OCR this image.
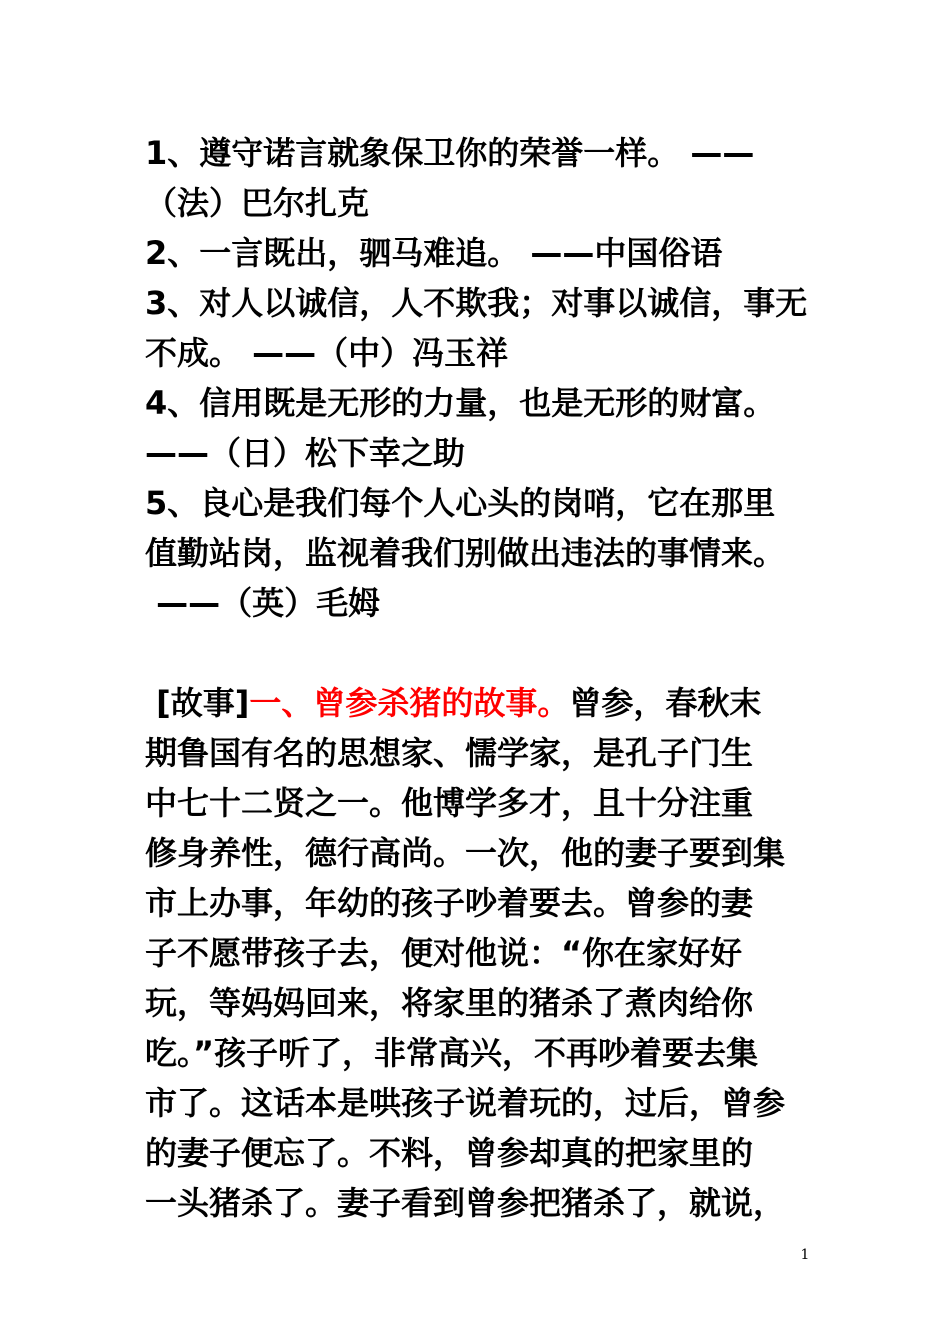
1、遵守诺言就象保卫你的荣誉一样。 ——
（法）巴尔扎克
2、一言既出，驷马难追。 ——中国俗语
3、对人以诚信，人不欺我；对事以诚信，事无
不成。 ——（中）冯玉祥
4、信用既是无形的力量，也是无形的财富。
——（日）松下幸之助
5、良心是我们每个人心头的岗哨，它在那里
值勤站岗，监视着我们别做出违法的事情来。
——（英）毛姆
[故事]一、曾参杀猪的故事。曾参，春秋末
期鲁国有名的思想家、懦学家，是孔子门生
中七十二贤之一。他博学多才，且十分注重
修身养性，德行高尚。一次，他的妻子要到集
市上办事，年幼的孩子吵着要去。曾参的妻
子不愿带孩子去，便对他说：“你在家好好
玩，等妈妈回来，将家里的猪杀了煮肉给你
吃。”孩子听了，非常高兴，不再吵着要去集
市了。这话本是哄孩子说着玩的，过后，曾参
的妻子便忘了。不料，曾参却真的把家里的
一头猪杀了。妻子看到曾参把猪杀了，就说，
1
